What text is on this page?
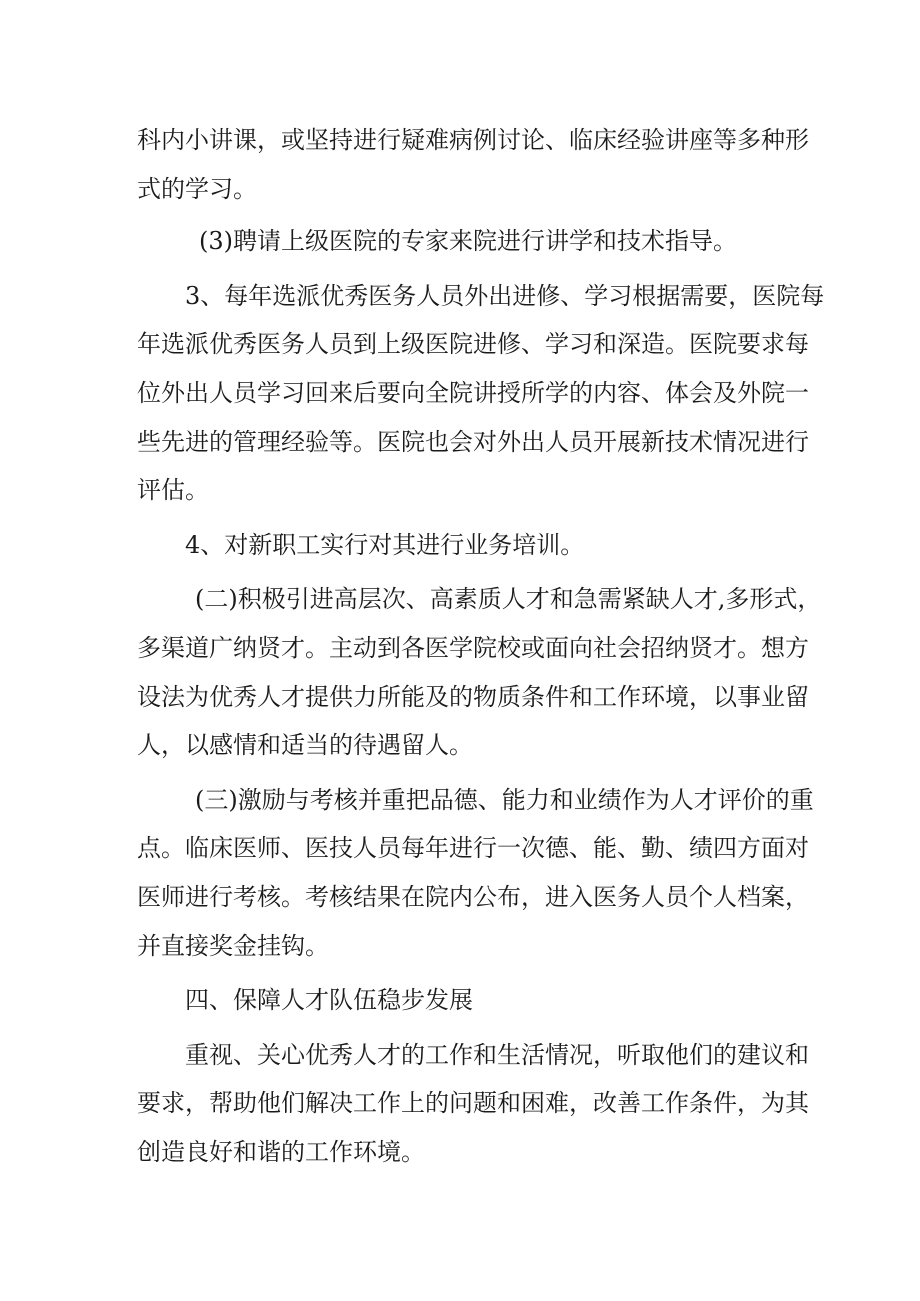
科内小讲课，或坚持进行疑难病例讨论、临床经验讲座等多种形
式的学习。
(3)聘请上级医院的专家来院进行讲学和技术指导。
3、每年选派优秀医务人员外出进修、学习根据需要，医院每
年选派优秀医务人员到上级医院进修、学习和深造。医院要求每
位外出人员学习回来后要向全院讲授所学的内容、体会及外院一
些先进的管理经验等。医院也会对外出人员开展新技术情况进行
评估。
4、对新职工实行对其进行业务培训。
(二)积极引进高层次、高素质人才和急需紧缺人才,多形式，
多渠道广纳贤才。主动到各医学院校或面向社会招纳贤才。想方
设法为优秀人才提供力所能及的物质条件和工作环境，以事业留
人，以感情和适当的待遇留人。
(三)激励与考核并重把品德、能力和业绩作为人才评价的重
点。临床医师、医技人员每年进行一次德、能、勤、绩四方面对
医师进行考核。考核结果在院内公布，进入医务人员个人档案，
并直接奖金挂钩。
四、保障人才队伍稳步发展
重视、关心优秀人才的工作和生活情况，听取他们的建议和
要求，帮助他们解决工作上的问题和困难，改善工作条件，为其
创造良好和谐的工作环境。
